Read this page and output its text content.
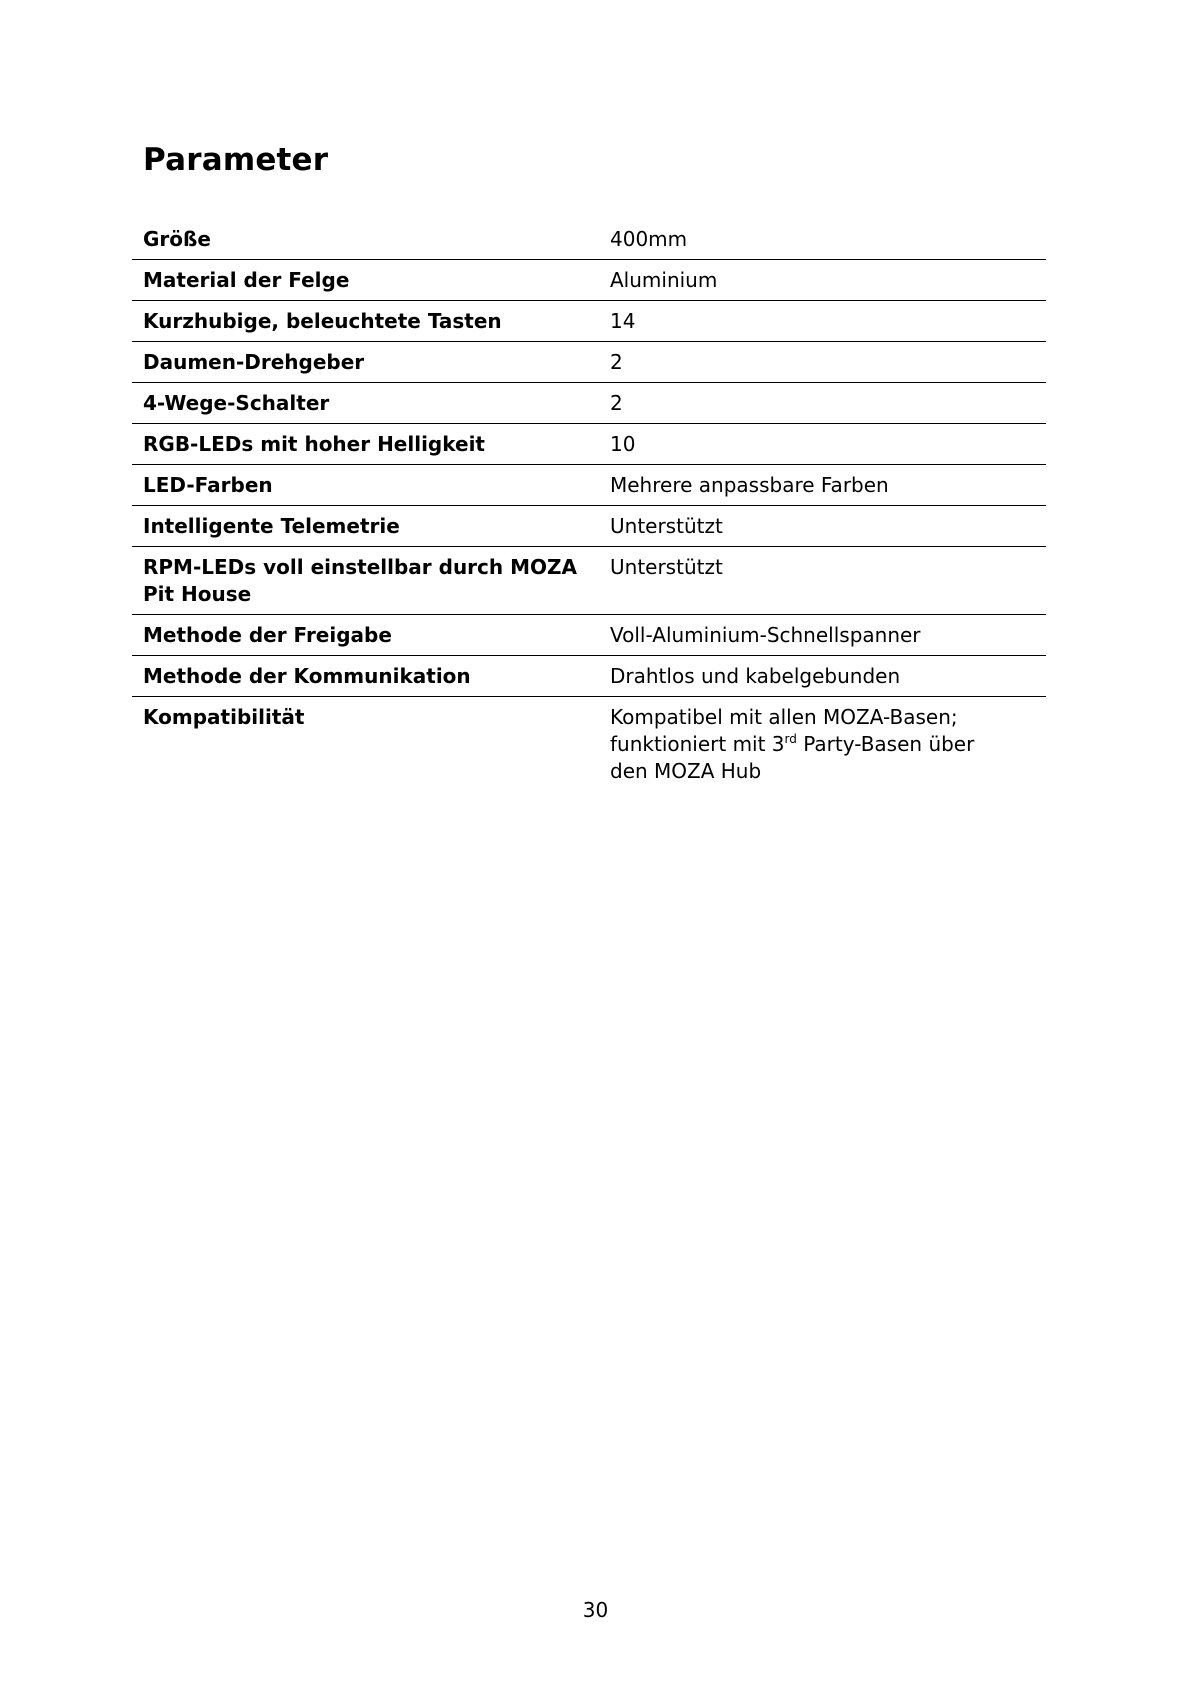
Parameter
Größe	400mm
Material der Felge	Aluminium
Kurzhubige, beleuchtete Tasten	14
Daumen-Drehgeber	2
4-Wege-Schalter	2
RGB-LEDs mit hoher Helligkeit	10
LED-Farben	Mehrere anpassbare Farben
Intelligente Telemetrie	Unterstützt
RPM-LEDs voll einstellbar durch MOZA Pit House	Unterstützt
Methode der Freigabe	Voll-Aluminium-Schnellspanner
Methode der Kommunikation	Drahtlos und kabelgebunden
Kompatibilität	Kompatibel mit allen MOZA-Basen; funktioniert mit 3rd Party-Basen über den MOZA Hub
30
